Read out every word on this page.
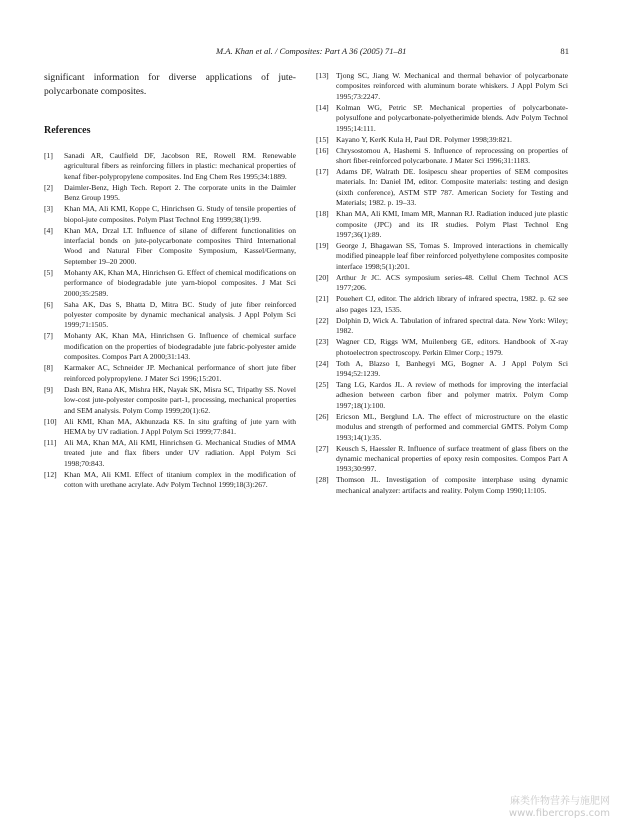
M.A. Khan et al. / Composites: Part A 36 (2005) 71–81	81

significant information for diverse applications of jute-polycarbonate composites.

References
[1] Sanadi AR, Caulfield DF, Jacobson RE, Rowell RM. Renewable agricultural fibers as reinforcing fillers in plastic: mechanical properties of kenaf fiber-polypropylene composites. Ind Eng Chem Res 1995;34:1889.
[2] Daimler-Benz, High Tech. Report 2. The corporate units in the Daimler Benz Group 1995.
[3] Khan MA, Ali KMI, Koppe C, Hinrichsen G. Study of tensile properties of biopol-jute composites. Polym Plast Technol Eng 1999;38(1):99.
[4] Khan MA, Drzal LT. Influence of silane of different functionalities on interfacial bonds on jute-polycarbonate composites Third International Wood and Natural Fiber Composite Symposium, Kassel/Germany, September 19–20 2000.
[5] Mohanty AK, Khan MA, Hinrichsen G. Effect of chemical modifications on performance of biodegradable jute yarn-biopol composites. J Mat Sci 2000;35:2589.
[6] Saha AK, Das S, Bhatta D, Mitra BC. Study of jute fiber reinforced polyester composite by dynamic mechanical analysis. J Appl Polym Sci 1999;71:1505.
[7] Mohanty AK, Khan MA, Hinrichsen G. Influence of chemical surface modification on the properties of biodegradable jute fabric-polyester amide composites. Compos Part A 2000;31:143.
[8] Karmaker AC, Schneider JP. Mechanical performance of short jute fiber reinforced polypropylene. J Mater Sci 1996;15:201.
[9] Dash BN, Rana AK, Mishra HK, Nayak SK, Misra SC, Tripathy SS. Novel low-cost jute-polyester composite part-1, processing, mechanical properties and SEM analysis. Polym Comp 1999;20(1):62.
[10] Ali KMI, Khan MA, Akhunzada KS. In situ grafting of jute yarn with HEMA by UV radiation. J Appl Polym Sci 1999;77:841.
[11] Ali MA, Khan MA, Ali KMI, Hinrichsen G. Mechanical Studies of MMA treated jute and flax fibers under UV radiation. Appl Polym Sci 1998;70:843.
[12] Khan MA, Ali KMI. Effect of titanium complex in the modification of cotton with urethane acrylate. Adv Polym Technol 1999;18(3):267.
[13] Tjong SC, Jiang W. Mechanical and thermal behavior of polycarbonate composites reinforced with aluminum borate whiskers. J Appl Polym Sci 1995;73:2247.
[14] Kolman WG, Petric SP. Mechanical properties of polycarbonate-polysulfone and polycarbonate-polyetherimide blends. Adv Polym Technol 1995;14:111.
[15] Kayano Y, KerK Kula H, Paul DR. Polymer 1998;39:821.
[16] Chrysostomou A, Hashemi S. Influence of reprocessing on properties of short fiber-reinforced polycarbonate. J Mater Sci 1996;31:1183.
[17] Adams DF, Walrath DE. Iosipescu shear properties of SEM composites materials. In: Daniel IM, editor. Composite materials: testing and design (sixth conference), ASTM STP 787. American Society for Testing and Materials; 1982. p. 19–33.
[18] Khan MA, Ali KMI, Imam MR, Mannan RJ. Radiation induced jute plastic composite (JPC) and its IR studies. Polym Plast Technol Eng 1997;36(1):89.
[19] George J, Bhagawan SS, Tomas S. Improved interactions in chemically modified pineapple leaf fiber reinforced polyethylene composites composite interface 1998;5(1):201.
[20] Arthur Jr JC. ACS symposium series-48. Cellul Chem Technol ACS 1977;206.
[21] Pouehert CJ, editor. The aldrich library of infrared spectra, 1982. p. 62 see also pages 123, 1535.
[22] Dolphin D, Wick A. Tabulation of infrared spectral data. New York: Wiley; 1982.
[23] Wagner CD, Riggs WM, Muilenberg GE, editors. Handbook of X-ray photoelectron spectroscopy. Perkin Elmer Corp.; 1979.
[24] Toth A, Blazso I, Banhegyi MG, Bogner A. J Appl Polym Sci 1994;52:1239.
[25] Tang LG, Kardos JL. A review of methods for improving the interfacial adhesion between carbon fiber and polymer matrix. Polym Comp 1997;18(1):100.
[26] Ericson ML, Berglund LA. The effect of microstructure on the elastic modulus and strength of performed and commercial GMTS. Polym Comp 1993;14(1):35.
[27] Keusch S, Haessler R. Influence of surface treatment of glass fibers on the dynamic mechanical properties of epoxy resin composites. Compos Part A 1993;30:997.
[28] Thomson JL. Investigation of composite interphase using dynamic mechanical analyzer: artifacts and reality. Polym Comp 1990;11:105.
麻类作物营养与施肥网
www.fibercrops.com
